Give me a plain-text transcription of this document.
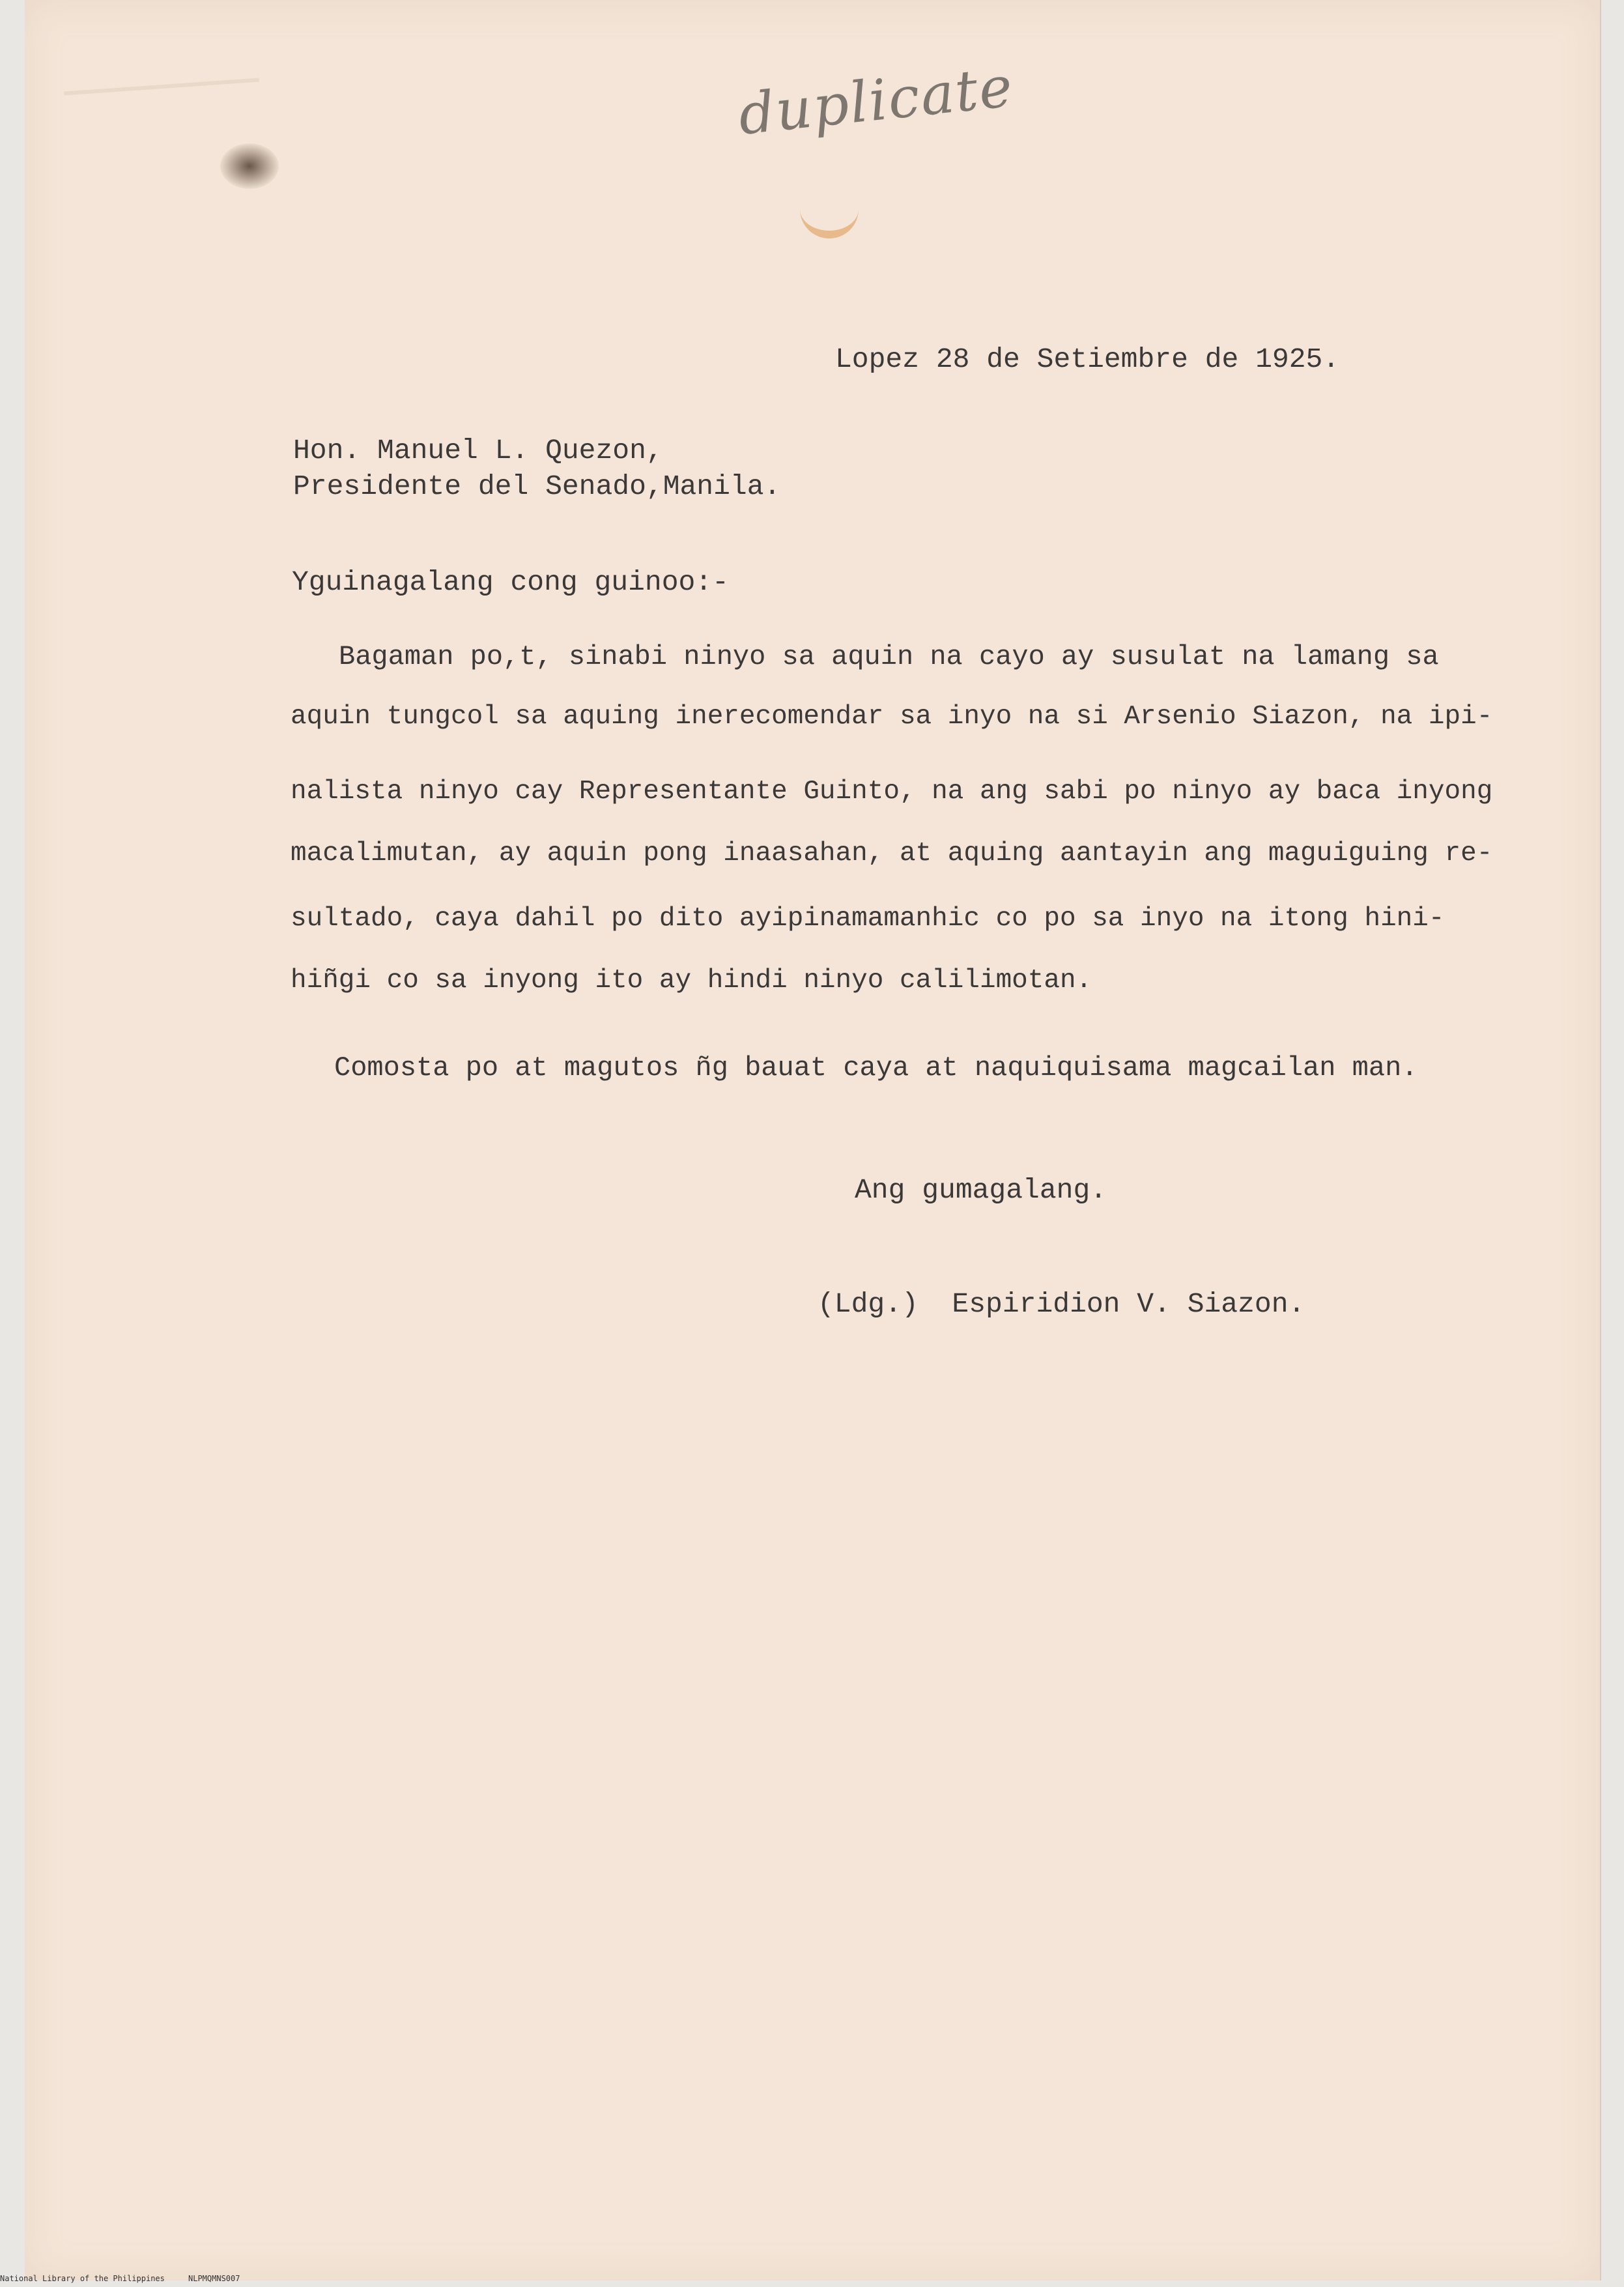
duplicate
Lopez 28 de Setiembre de 1925.
Hon. Manuel L. Quezon,
Presidente del Senado,Manila.
Yguinagalang cong guinoo:-
Bagaman po,t, sinabi ninyo sa aquin na cayo ay susulat na lamang sa
aquin tungcol sa aquing inerecomendar sa inyo na si Arsenio Siazon, na ipi-
nalista ninyo cay Representante Guinto, na ang sabi po ninyo ay baca inyong
macalimutan, ay aquin pong inaasahan, at aquing aantayin ang maguiguing re-
sultado, caya dahil po dito ayipinamamanhic co po sa inyo na itong hini-
hiñgi co sa inyong ito ay hindi ninyo calilimotan.
Comosta po at magutos ñg bauat caya at naquiquisama magcailan man.
Ang gumagalang.
(Ldg.)  Espiridion V. Siazon.
National Library of the Philippines	NLPMQMNS007
